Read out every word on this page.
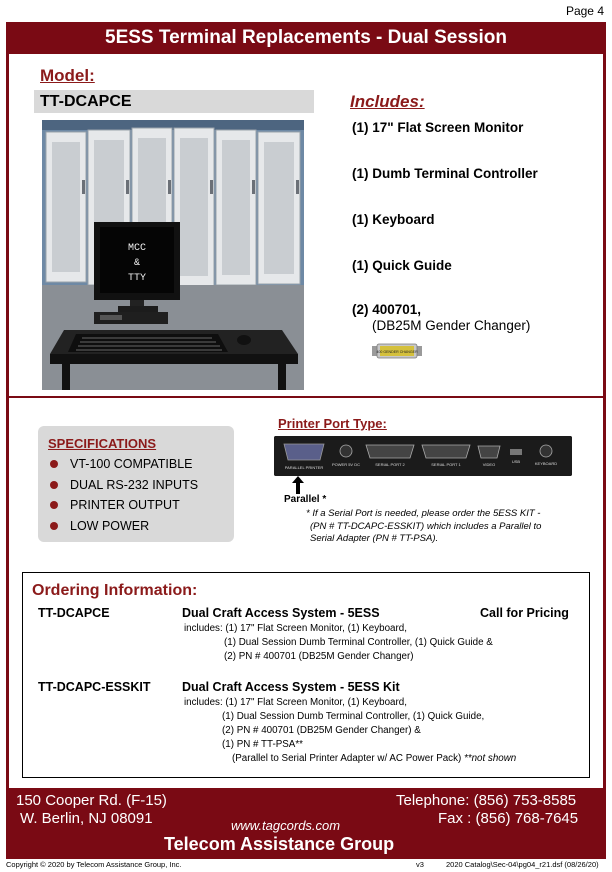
Page 4
5ESS Terminal Replacements - Dual Session
Model:
TT-DCAPCE
MCC
&
TTY
Includes:
(1) 17" Flat Screen Monitor
(1) Dumb Terminal Controller
(1) Keyboard
(1) Quick Guide
(2) 400701,
(DB25M Gender Changer)
400 GENDER CHANGER
SPECIFICATIONS
VT-100 COMPATIBLE
DUAL RS-232 INPUTS
PRINTER OUTPUT
LOW POWER
Printer Port Type:
PARALLEL PRINTER
POWER 5V DC	SERIAL PORT 2	SERIAL PORT 1	VIDEO
USB	KEYBOARD
Parallel *
* If a Serial Port is needed, please order the 5ESS KIT -
(PN # TT-DCAPC-ESSKIT) which includes a Parallel to
Serial Adapter (PN # TT-PSA).
Ordering Information:
TT-DCAPCE	Dual Craft Access System - 5ESS	Call for Pricing
includes: (1) 17" Flat Screen Monitor, (1) Keyboard,
(1) Dual Session Dumb Terminal Controller, (1) Quick Guide &
(2) PN # 400701 (DB25M Gender Changer)
TT-DCAPC-ESSKIT	Dual Craft Access System - 5ESS Kit
includes: (1) 17" Flat Screen Monitor, (1) Keyboard,
(1) Dual Session Dumb Terminal Controller, (1) Quick Guide,
(2) PN # 400701 (DB25M Gender Changer) &
(1) PN # TT-PSA**
(Parallel to Serial Printer Adapter w/ AC Power Pack) **not shown
150 Cooper Rd. (F-15)
W. Berlin, NJ 08091
Telephone: (856) 753-8585
Fax : (856) 768-7645
www.tagcords.com
Telecom Assistance Group
Copyright © 2020 by Telecom Assistance Group, Inc.	v3	2020 Catalog\Sec-04\pg04_r21.dsf (08/26/20)
